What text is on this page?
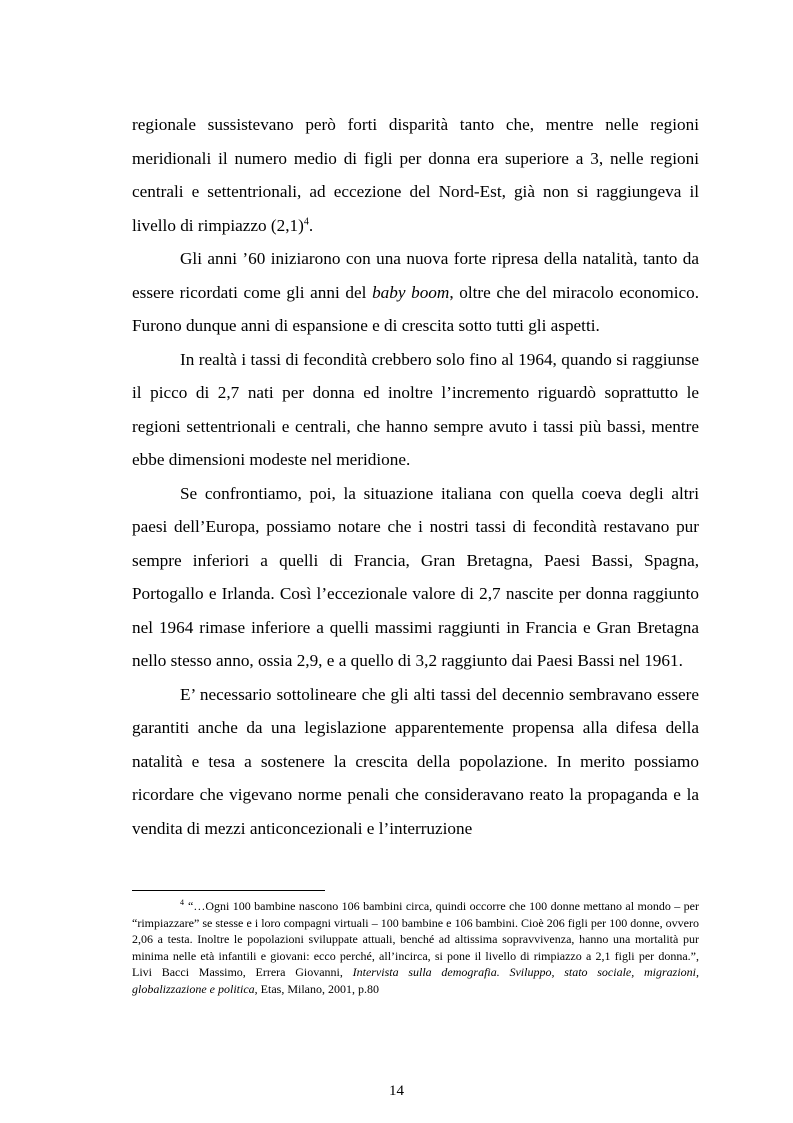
regionale sussistevano però forti disparità tanto che, mentre nelle regioni meridionali il numero medio di figli per donna era superiore a 3, nelle regioni centrali e settentrionali, ad eccezione del Nord-Est, già non si raggiungeva il livello di rimpiazzo $(2,1)^4$.

Gli anni ’60 iniziarono con una nuova forte ripresa della natalità, tanto da essere ricordati come gli anni del baby boom, oltre che del miracolo economico. Furono dunque anni di espansione e di crescita sotto tutti gli aspetti.

In realtà i tassi di fecondità crebbero solo fino al 1964, quando si raggiunse il picco di 2,7 nati per donna ed inoltre l’incremento riguardò soprattutto le regioni settentrionali e centrali, che hanno sempre avuto i tassi più bassi, mentre ebbe dimensioni modeste nel meridione.

Se confrontiamo, poi, la situazione italiana con quella coeva degli altri paesi dell’Europa, possiamo notare che i nostri tassi di fecondità restavano pur sempre inferiori a quelli di Francia, Gran Bretagna, Paesi Bassi, Spagna, Portogallo e Irlanda. Così l’eccezionale valore di 2,7 nascite per donna raggiunto nel 1964 rimase inferiore a quelli massimi raggiunti in Francia e Gran Bretagna nello stesso anno, ossia 2,9, e a quello di 3,2 raggiunto dai Paesi Bassi nel 1961.

E’ necessario sottolineare che gli alti tassi del decennio sembravano essere garantiti anche da una legislazione apparentemente propensa alla difesa della natalità e tesa a sostenere la crescita della popolazione. In merito possiamo ricordare che vigevano norme penali che consideravano reato la propaganda e la vendita di mezzi anticoncezionali e l’interruzione

$^4$ “…Ogni 100 bambine nascono 106 bambini circa, quindi occorre che 100 donne mettano al mondo – per “rimpiazzare” se stesse e i loro compagni virtuali – 100 bambine e 106 bambini. Cioè 206 figli per 100 donne, ovvero 2,06 a testa. Inoltre le popolazioni sviluppate attuali, benché ad altissima sopravvivenza, hanno una mortalità pur minima nelle età infantili e giovani: ecco perché, all’incirca, si pone il livello di rimpiazzo a 2,1 figli per donna.”, Livi Bacci Massimo, Errera Giovanni, Intervista sulla demografia. Sviluppo, stato sociale, migrazioni, globalizzazione e politica, Etas, Milano, 2001, p.80
14
